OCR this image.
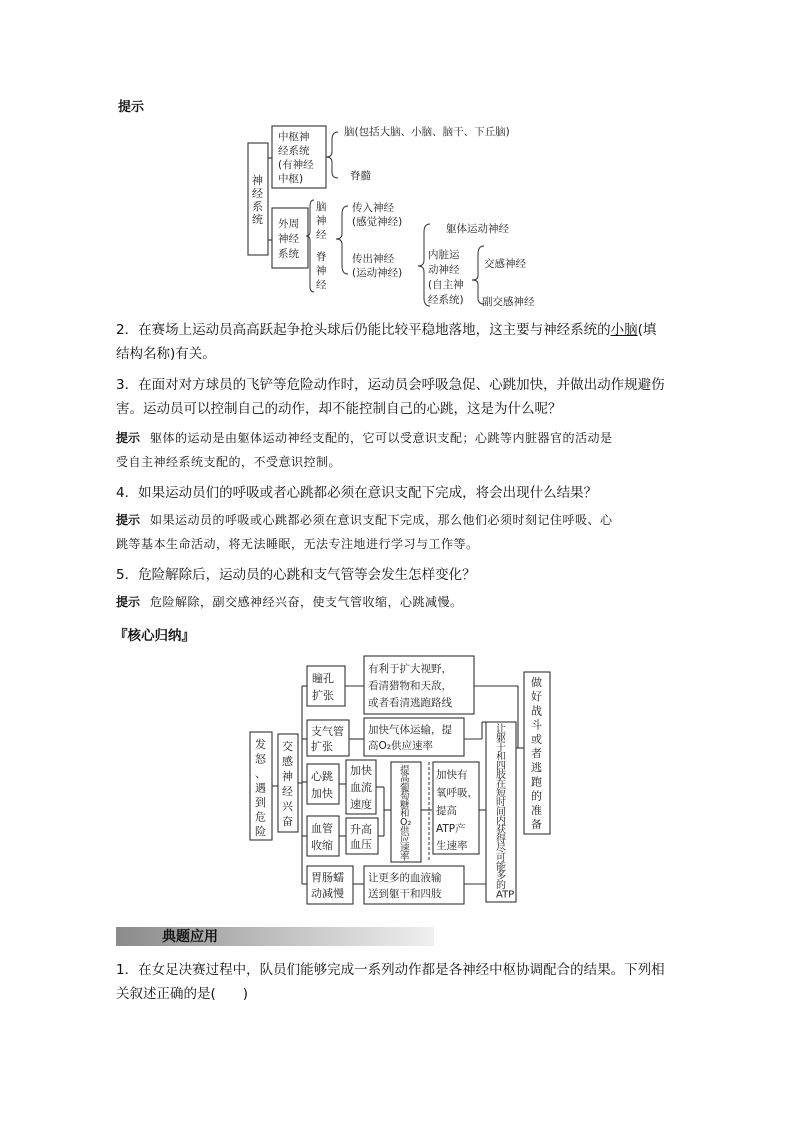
提示
神
经
系
统
中枢神
经系统
(有神经
中枢)
脑(包括大脑、小脑、脑干、下丘脑)
脊髓
外周
神经
系统
脑
神
经
脊
神
经
传入神经
(感觉神经)
传出神经
(运动神经)
躯体运动神经
内脏运
动神经
(自主神
经系统)
交感神经
副交感神经
2．在赛场上运动员高高跃起争抢头球后仍能比较平稳地落地，这主要与神经系统的小脑(填
结构名称)有关。
3．在面对对方球员的飞铲等危险动作时，运动员会呼吸急促、心跳加快，并做出动作规避伤
害。运动员可以控制自己的动作，却不能控制自己的心跳，这是为什么呢？
提示 躯体的运动是由躯体运动神经支配的，它可以受意识支配；心跳等内脏器官的活动是
受自主神经系统支配的，不受意识控制。
4．如果运动员们的呼吸或者心跳都必须在意识支配下完成，将会出现什么结果？
提示 如果运动员的呼吸或心跳都必须在意识支配下完成，那么他们必须时刻记住呼吸、心
跳等基本生命活动，将无法睡眠，无法专注地进行学习与工作等。
5．危险解除后，运动员的心跳和支气管等会发生怎样变化？
提示 危险解除，副交感神经兴奋，使支气管收缩，心跳减慢。
『核心归纳』
发
怒
、
遇
到
危
险
交
感
神
经
兴
奋
瞳孔
扩张
有利于扩大视野，
看清猎物和天敌，
或者看清逃跑路线
支气管
扩张
加快气体运输，提
高O₂供应速率
心跳
加快
加快
血流
速度
血管
收缩
升高
血压
提
高
葡
萄
糖
和
O₂
供
应
速
率
加快有
氧呼吸，
提高
ATP产
生速率
胃肠蠕
动减慢
让更多的血液输
送到躯干和四肢
让
躯
干
和
四
肢
在
短
时
间
内
获
得
尽
可
能
多
的
ATP
做
好
战
斗
或
者
逃
跑
的
准
备
典题应用
1．在女足决赛过程中，队员们能够完成一系列动作都是各神经中枢协调配合的结果。下列相
关叙述正确的是(　　)
